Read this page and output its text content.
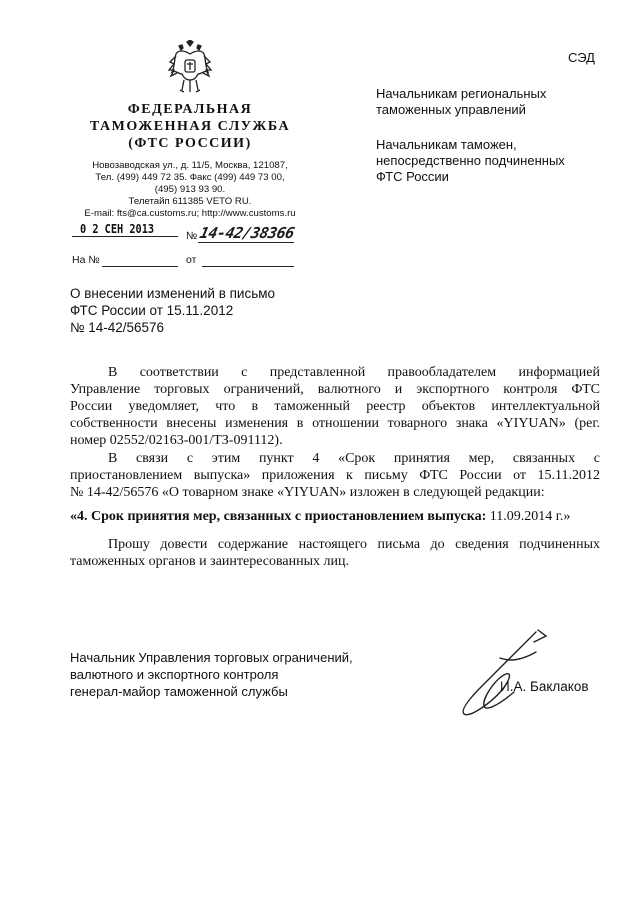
СЭД
ФЕДЕРАЛЬНАЯ
ТАМОЖЕННАЯ СЛУЖБА
(ФТС РОССИИ)
Новозаводская ул., д. 11/5, Москва, 121087,
Тел. (499) 449 72 35. Факс (499) 449 73 00,
(495) 913 93 90.
Телетайп 611385 VETO RU.
E-mail: fts@ca.customs.ru; http://www.customs.ru
0 2 СЕН 2013	№ 14-42/38366
На №	от
Начальникам региональных
таможенных управлений
Начальникам таможен,
непосредственно подчиненных
ФТС России
О внесении изменений в письмо
ФТС России от 15.11.2012
№ 14-42/56576
В соответствии с представленной правообладателем информацией
Управление торговых ограничений, валютного и экспортного контроля ФТС
России уведомляет, что в таможенный реестр объектов интеллектуальной
собственности внесены изменения в отношении товарного знака «YIYUAN» (рег.
номер 02552/02163-001/ТЗ-091112).
В связи с этим пункт 4 «Срок принятия мер, связанных с
приостановлением выпуска» приложения к письму ФТС России от 15.11.2012
№ 14-42/56576 «О товарном знаке «YIYUAN» изложен в следующей редакции:
«4. Срок принятия мер, связанных с приостановлением выпуска: 11.09.2014 г.»
Прошу довести содержание настоящего письма до сведения подчиненных
таможенных органов и заинтересованных лиц.
Начальник Управления торговых ограничений,
валютного и экспортного контроля
генерал-майор таможенной службы	И.А. Баклаков
